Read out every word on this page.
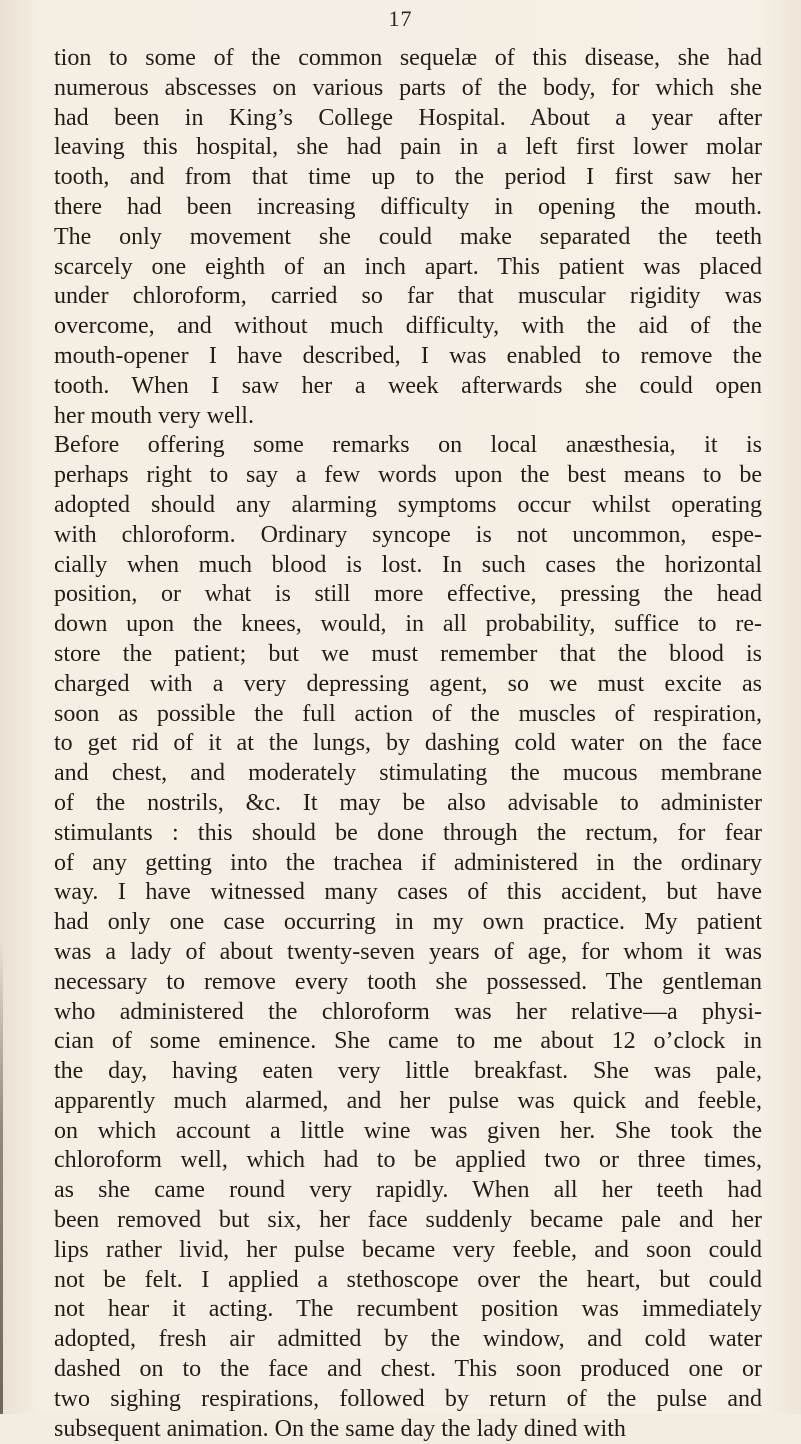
17
tion to some of the common sequelæ of this disease, she had
numerous abscesses on various parts of the body, for which she
had been in King’s College Hospital. About a year after
leaving this hospital, she had pain in a left first lower molar
tooth, and from that time up to the period I first saw her
there had been increasing difficulty in opening the mouth.
The only movement she could make separated the teeth
scarcely one eighth of an inch apart. This patient was placed
under chloroform, carried so far that muscular rigidity was
overcome, and without much difficulty, with the aid of the
mouth-opener I have described, I was enabled to remove the
tooth. When I saw her a week afterwards she could open
her mouth very well.
Before offering some remarks on local anæsthesia, it is
perhaps right to say a few words upon the best means to be
adopted should any alarming symptoms occur whilst operating
with chloroform. Ordinary syncope is not uncommon, espe-
cially when much blood is lost. In such cases the horizontal
position, or what is still more effective, pressing the head
down upon the knees, would, in all probability, suffice to re-
store the patient; but we must remember that the blood is
charged with a very depressing agent, so we must excite as
soon as possible the full action of the muscles of respiration,
to get rid of it at the lungs, by dashing cold water on the face
and chest, and moderately stimulating the mucous membrane
of the nostrils, &c. It may be also advisable to administer
stimulants : this should be done through the rectum, for fear
of any getting into the trachea if administered in the ordinary
way. I have witnessed many cases of this accident, but have
had only one case occurring in my own practice. My patient
was a lady of about twenty-seven years of age, for whom it was
necessary to remove every tooth she possessed. The gentleman
who administered the chloroform was her relative—a physi-
cian of some eminence. She came to me about 12 o’clock in
the day, having eaten very little breakfast. She was pale,
apparently much alarmed, and her pulse was quick and feeble,
on which account a little wine was given her. She took the
chloroform well, which had to be applied two or three times,
as she came round very rapidly. When all her teeth had
been removed but six, her face suddenly became pale and her
lips rather livid, her pulse became very feeble, and soon could
not be felt. I applied a stethoscope over the heart, but could
not hear it acting. The recumbent position was immediately
adopted, fresh air admitted by the window, and cold water
dashed on to the face and chest. This soon produced one or
two sighing respirations, followed by return of the pulse and
subsequent animation. On the same day the lady dined with
